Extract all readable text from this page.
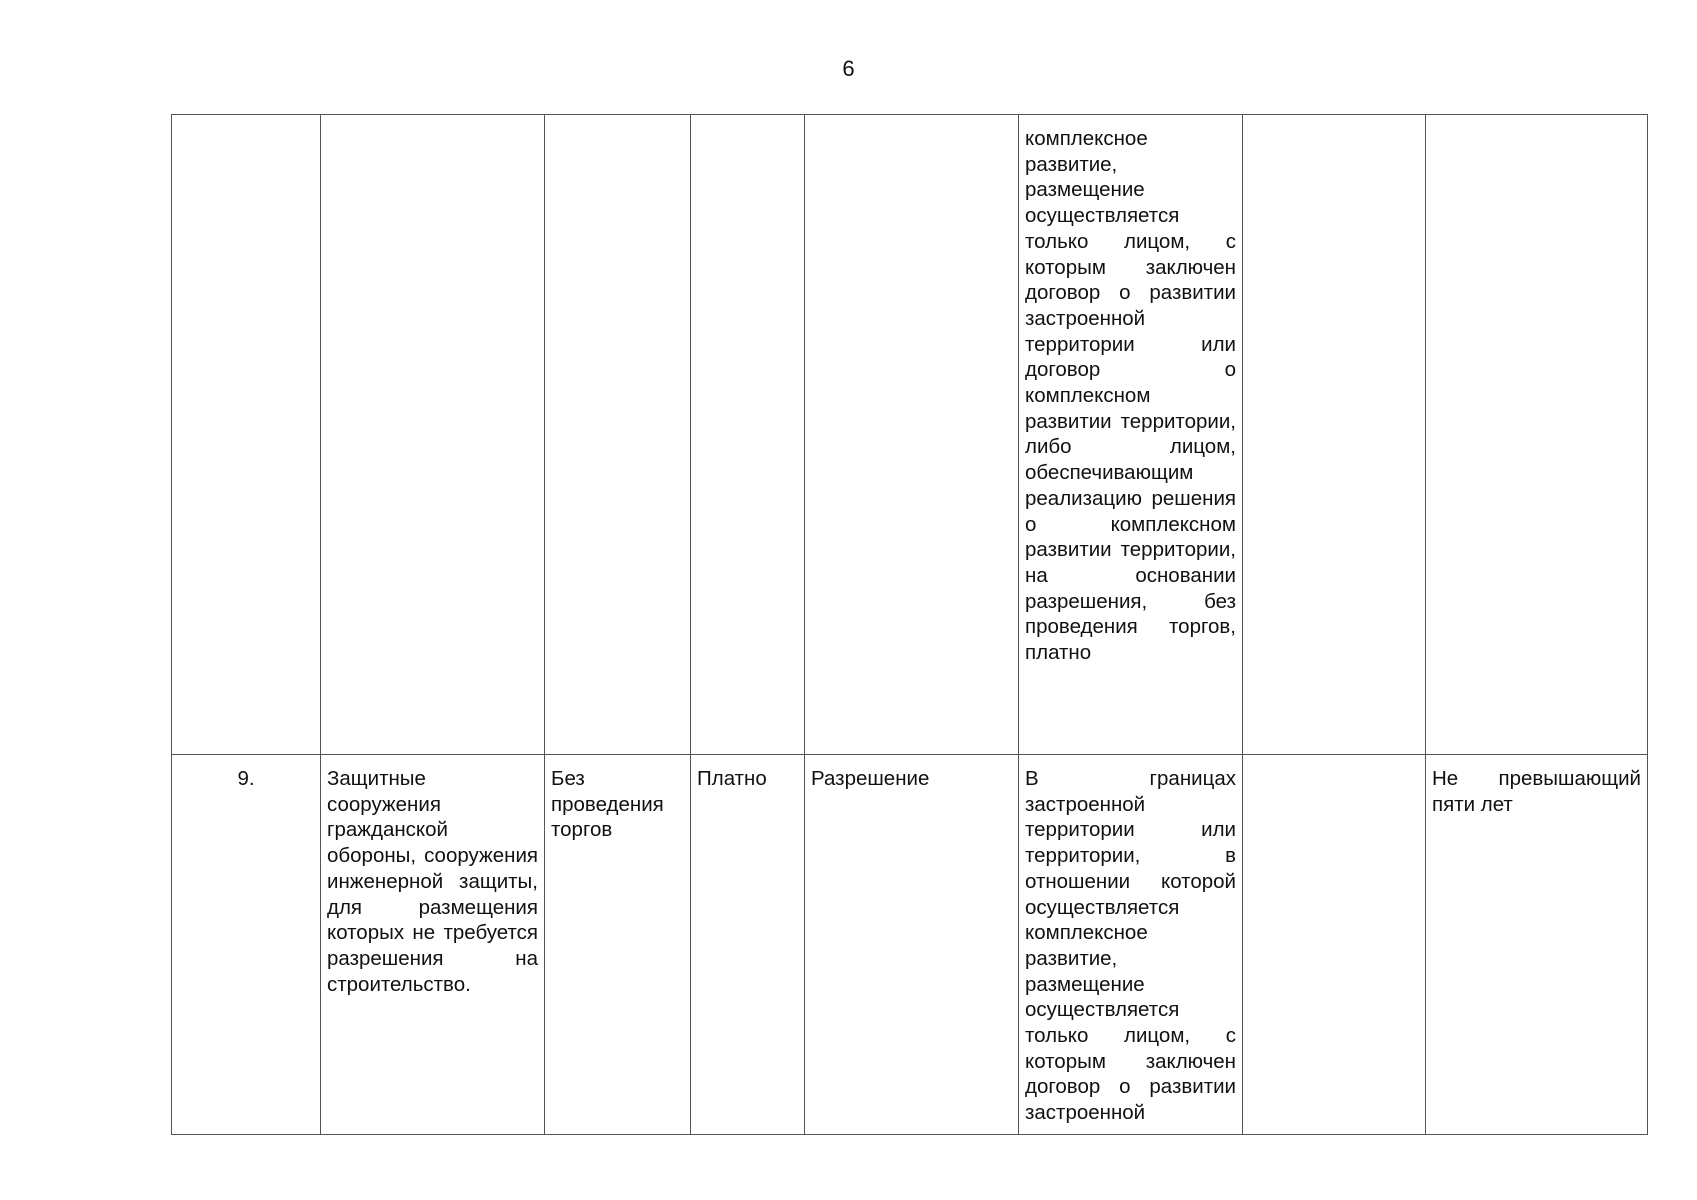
6

					комплексное развитие, размещение осуществляется только лицом, с которым заключен договор о развитии застроенной территории или договор о комплексном развитии территории, либо лицом, обеспечивающим реализацию решения о комплексном развитии территории, на основании разрешения, без проведения торгов, платно		

9.	Защитные сооружения гражданской обороны, сооружения инженерной защиты, для размещения которых не требуется разрешения на строительство.	Без проведения торгов	Платно	Разрешение	В границах застроенной территории или территории, в отношении которой осуществляется комплексное развитие, размещение осуществляется только лицом, с которым заключен договор о развитии застроенной		Не превышающий пяти лет
